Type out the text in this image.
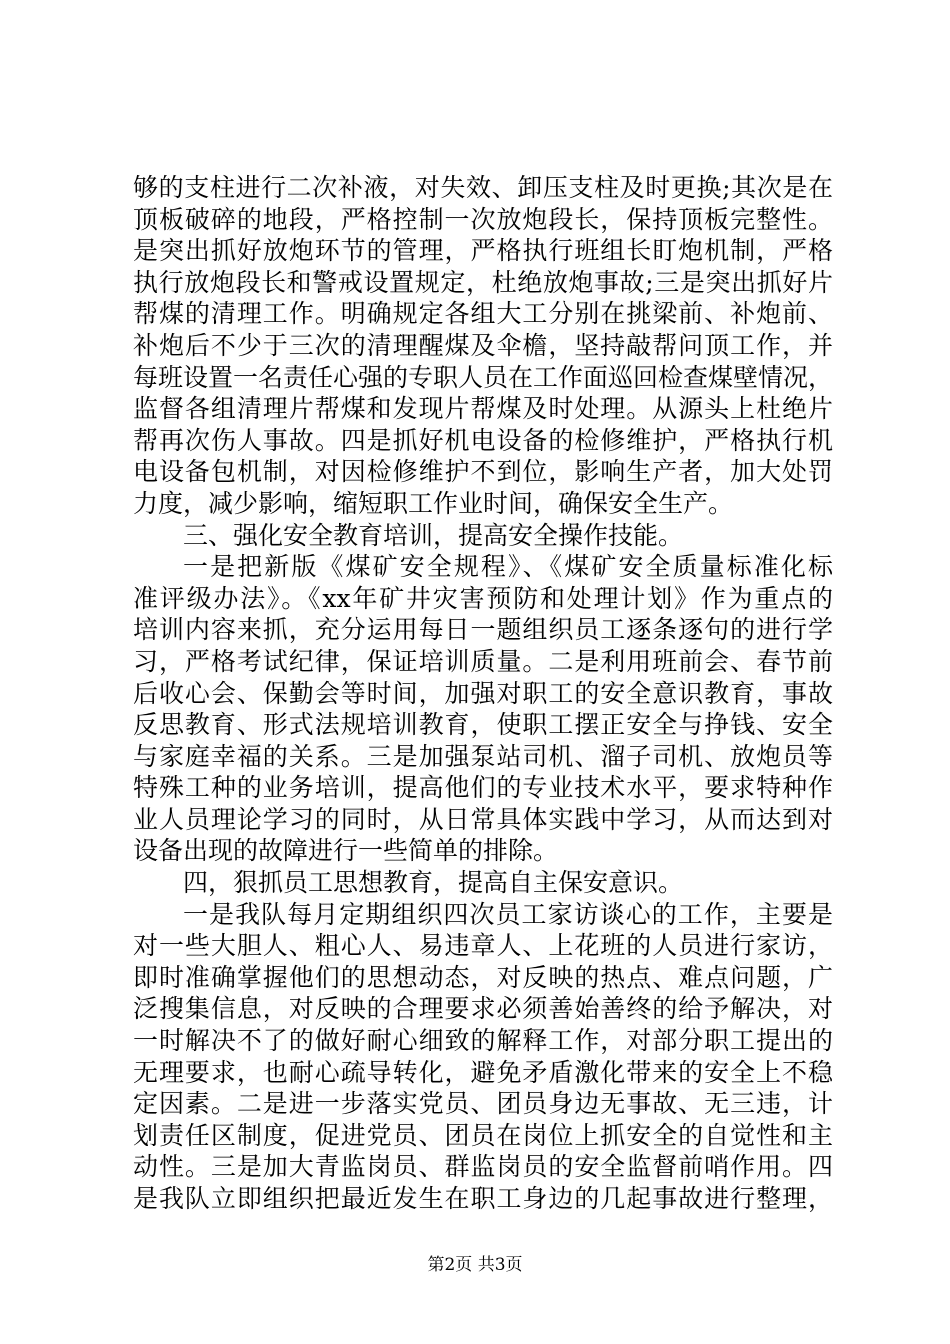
够的支柱进行二次补液，对失效、卸压支柱及时更换;其次是在
顶板破碎的地段，严格控制一次放炮段长，保持顶板完整性。
是突出抓好放炮环节的管理，严格执行班组长盯炮机制，严格
执行放炮段长和警戒设置规定，杜绝放炮事故;三是突出抓好片
帮煤的清理工作。明确规定各组大工分别在挑梁前、补炮前、
补炮后不少于三次的清理醒煤及伞檐，坚持敲帮问顶工作，并
每班设置一名责任心强的专职人员在工作面巡回检查煤壁情况，
监督各组清理片帮煤和发现片帮煤及时处理。从源头上杜绝片
帮再次伤人事故。四是抓好机电设备的检修维护，严格执行机
电设备包机制，对因检修维护不到位，影响生产者，加大处罚
力度，减少影响，缩短职工作业时间，确保安全生产。
三、强化安全教育培训，提高安全操作技能。
一是把新版《煤矿安全规程》、《煤矿安全质量标准化标
准评级办法》。《xx年矿井灾害预防和处理计划》作为重点的
培训内容来抓，充分运用每日一题组织员工逐条逐句的进行学
习，严格考试纪律，保证培训质量。二是利用班前会、春节前
后收心会、保勤会等时间，加强对职工的安全意识教育，事故
反思教育、形式法规培训教育，使职工摆正安全与挣钱、安全
与家庭幸福的关系。三是加强泵站司机、溜子司机、放炮员等
特殊工种的业务培训，提高他们的专业技术水平，要求特种作
业人员理论学习的同时，从日常具体实践中学习，从而达到对
设备出现的故障进行一些简单的排除。
四，狠抓员工思想教育，提高自主保安意识。
一是我队每月定期组织四次员工家访谈心的工作，主要是
对一些大胆人、粗心人、易违章人、上花班的人员进行家访，
即时准确掌握他们的思想动态，对反映的热点、难点问题，广
泛搜集信息，对反映的合理要求必须善始善终的给予解决，对
一时解决不了的做好耐心细致的解释工作，对部分职工提出的
无理要求，也耐心疏导转化，避免矛盾激化带来的安全上不稳
定因素。二是进一步落实党员、团员身边无事故、无三违，计
划责任区制度，促进党员、团员在岗位上抓安全的自觉性和主
动性。三是加大青监岗员、群监岗员的安全监督前哨作用。四
是我队立即组织把最近发生在职工身边的几起事故进行整理，
第2页 共3页
